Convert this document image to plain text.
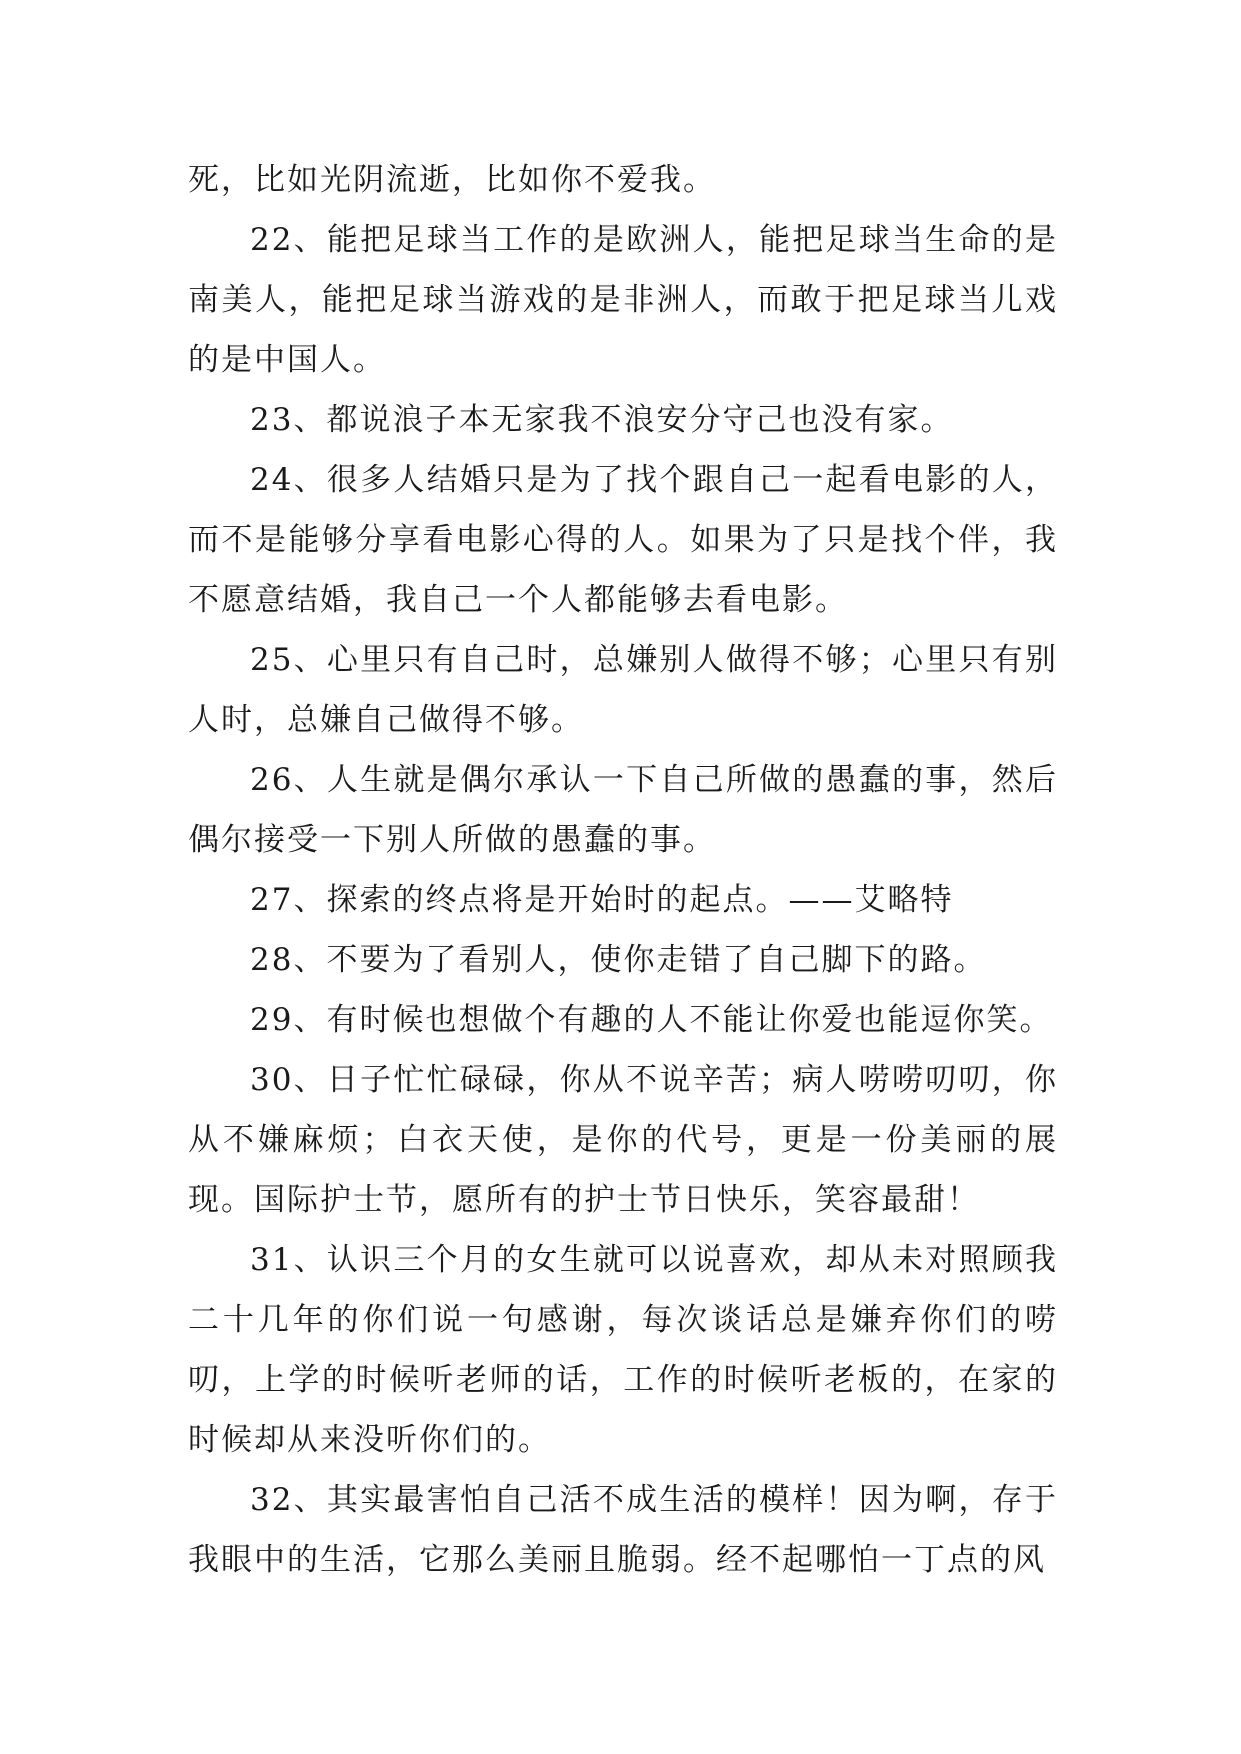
死，比如光阴流逝，比如你不爱我。

22、能把足球当工作的是欧洲人，能把足球当生命的是南美人，能把足球当游戏的是非洲人，而敢于把足球当儿戏的是中国人。

23、都说浪子本无家我不浪安分守己也没有家。

24、很多人结婚只是为了找个跟自己一起看电影的人，而不是能够分享看电影心得的人。如果为了只是找个伴，我不愿意结婚，我自己一个人都能够去看电影。

25、心里只有自己时，总嫌别人做得不够；心里只有别人时，总嫌自己做得不够。

26、人生就是偶尔承认一下自己所做的愚蠢的事，然后偶尔接受一下别人所做的愚蠢的事。

27、探索的终点将是开始时的起点。——艾略特

28、不要为了看别人，使你走错了自己脚下的路。

29、有时候也想做个有趣的人不能让你爱也能逗你笑。

30、日子忙忙碌碌，你从不说辛苦；病人唠唠叨叨，你从不嫌麻烦；白衣天使，是你的代号，更是一份美丽的展现。国际护士节，愿所有的护士节日快乐，笑容最甜！

31、认识三个月的女生就可以说喜欢，却从未对照顾我二十几年的你们说一句感谢，每次谈话总是嫌弃你们的唠叨，上学的时候听老师的话，工作的时候听老板的，在家的时候却从来没听你们的。

32、其实最害怕自己活不成生活的模样！因为啊，存于我眼中的生活，它那么美丽且脆弱。经不起哪怕一丁点的风
